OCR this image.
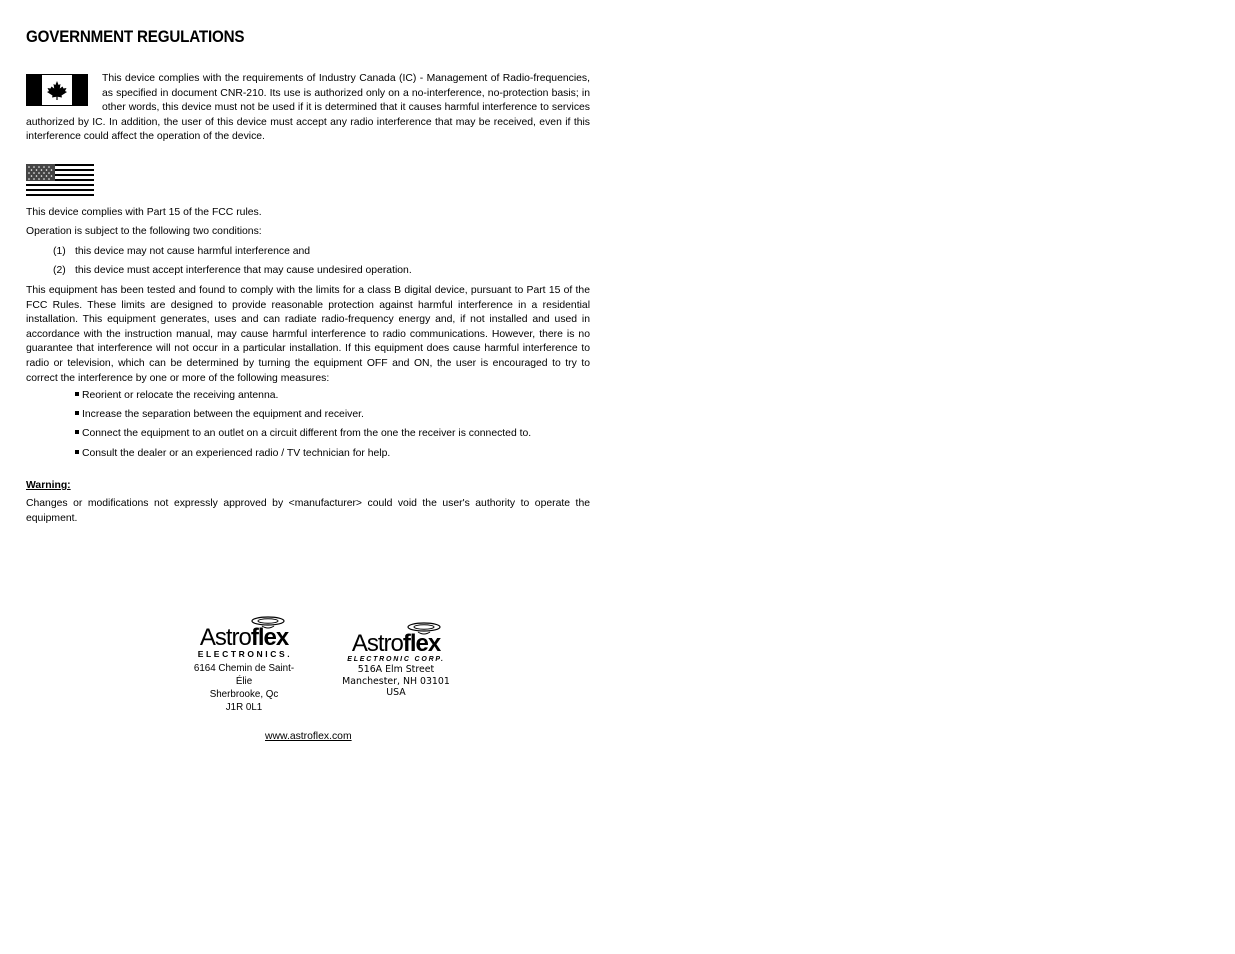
GOVERNMENT REGULATIONS

This device complies with the requirements of Industry Canada (IC) - Management of Radio-frequencies, as specified in document CNR-210. Its use is authorized only on a no-interference, no-protection basis; in other words, this device must not be used if it is determined that it causes harmful interference to services authorized by IC. In addition, the user of this device must accept any radio interference that may be received, even if this interference could affect the operation of the device.

This device complies with Part 15 of the FCC rules.
Operation is subject to the following two conditions:
(1) this device may not cause harmful interference and
(2) this device must accept interference that may cause undesired operation.

This equipment has been tested and found to comply with the limits for a class B digital device, pursuant to Part 15 of the FCC Rules. These limits are designed to provide reasonable protection against harmful interference in a residential installation. This equipment generates, uses and can radiate radio-frequency energy and, if not installed and used in accordance with the instruction manual, may cause harmful interference to radio communications. However, there is no guarantee that interference will not occur in a particular installation. If this equipment does cause harmful interference to radio or television, which can be determined by turning the equipment OFF and ON, the user is encouraged to try to correct the interference by one or more of the following measures:

Reorient or relocate the receiving antenna.
Increase the separation between the equipment and receiver.
Connect the equipment to an outlet on a circuit different from the one the receiver is connected to.
Consult the dealer or an experienced radio / TV technician for help.
Warning:

Changes or modifications not expressly approved by <manufacturer> could void the user's authority to operate the equipment.

Astroflex
ELECTRONICS.
6164 Chemin de Saint-Élie
Sherbrooke, Qc
J1R 0L1
Astroflex
ELECTRONIC CORP.
516A Elm Street
Manchester, NH 03101
USA
www.astroflex.com
